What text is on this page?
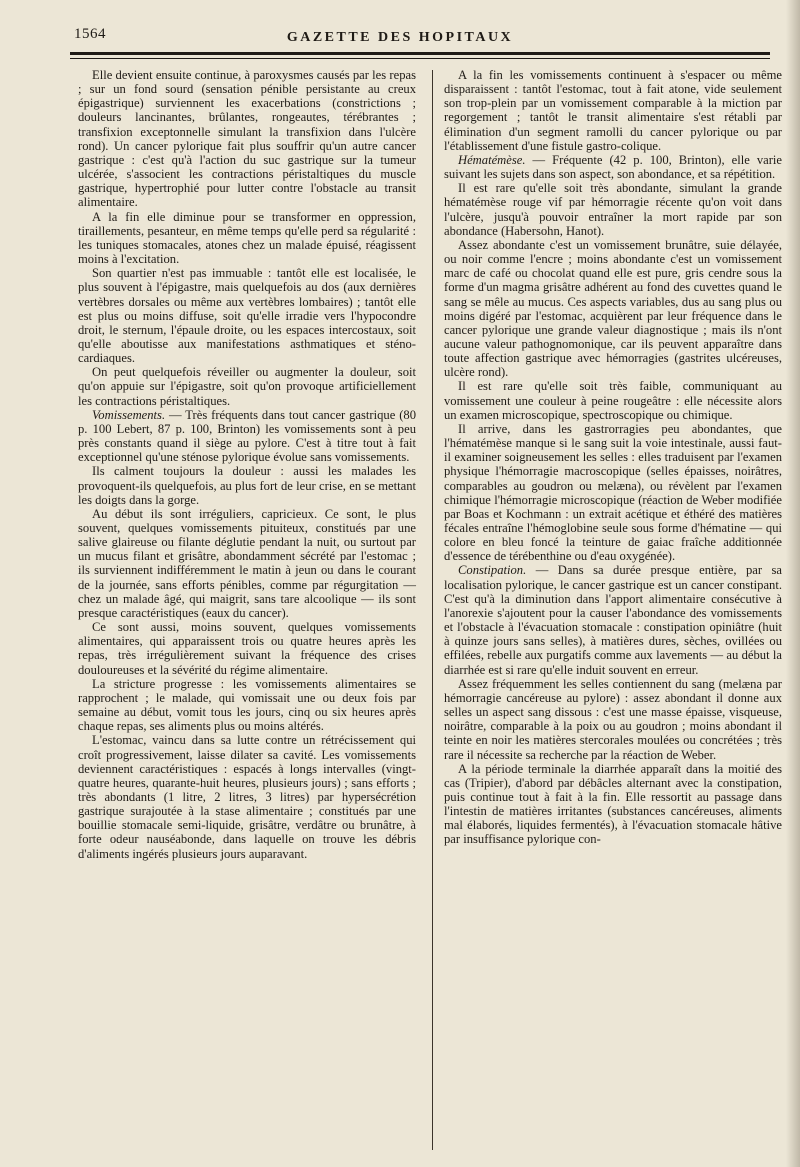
1564	GAZETTE DES HOPITAUX

Elle devient ensuite continue, à paroxysmes causés par les repas ; sur un fond sourd (sensation pénible persistante au creux épigastrique) surviennent les exacerbations (constrictions ; douleurs lancinantes, brûlantes, rongeautes, térébrantes ; transfixion exceptonnelle simulant la transfixion dans l'ulcère rond). Un cancer pylorique fait plus souffrir qu'un autre cancer gastrique : c'est qu'à l'action du suc gastrique sur la tumeur ulcérée, s'associent les contractions péristaltiques du muscle gastrique, hypertrophié pour lutter contre l'obstacle au transit alimentaire.

A la fin elle diminue pour se transformer en oppression, tiraillements, pesanteur, en même temps qu'elle perd sa régularité : les tuniques stomacales, atones chez un malade épuisé, réagissent moins à l'excitation.

Son quartier n'est pas immuable : tantôt elle est localisée, le plus souvent à l'épigastre, mais quelquefois au dos (aux dernières vertèbres dorsales ou même aux vertèbres lombaires) ; tantôt elle est plus ou moins diffuse, soit qu'elle irradie vers l'hypocondre droit, le sternum, l'épaule droite, ou les espaces intercostaux, soit qu'elle aboutisse aux manifestations asthmatiques et sténo-cardiaques.

On peut quelquefois réveiller ou augmenter la douleur, soit qu'on appuie sur l'épigastre, soit qu'on provoque artificiellement les contractions péristaltiques.

Vomissements. — Très fréquents dans tout cancer gastrique (80 p. 100 Lebert, 87 p. 100, Brinton) les vomissements sont à peu près constants quand il siège au pylore. C'est à titre tout à fait exceptionnel qu'une sténose pylorique évolue sans vomissements.

Ils calment toujours la douleur : aussi les malades les provoquent-ils quelquefois, au plus fort de leur crise, en se mettant les doigts dans la gorge.

Au début ils sont irréguliers, capricieux. Ce sont, le plus souvent, quelques vomissements pituiteux, constitués par une salive glaireuse ou filante déglutie pendant la nuit, ou surtout par un mucus filant et grisâtre, abondamment sécrété par l'estomac ; ils surviennent indifféremment le matin à jeun ou dans le courant de la journée, sans efforts pénibles, comme par régurgitation — chez un malade âgé, qui maigrit, sans tare alcoolique — ils sont presque caractéristiques (eaux du cancer).

Ce sont aussi, moins souvent, quelques vomissements alimentaires, qui apparaissent trois ou quatre heures après les repas, très irrégulièrement suivant la fréquence des crises douloureuses et la sévérité du régime alimentaire.

La stricture progresse : les vomissements alimentaires se rapprochent ; le malade, qui vomissait une ou deux fois par semaine au début, vomit tous les jours, cinq ou six heures après chaque repas, ses aliments plus ou moins altérés.

L'estomac, vaincu dans sa lutte contre un rétrécissement qui croît progressivement, laisse dilater sa cavité. Les vomissements deviennent caractéristiques : espacés à longs intervalles (vingt-quatre heures, quarante-huit heures, plusieurs jours) ; sans efforts ; très abondants (1 litre, 2 litres, 3 litres) par hypersécrétion gastrique surajoutée à la stase alimentaire ; constitués par une bouillie stomacale semi-liquide, grisâtre, verdâtre ou brunâtre, à forte odeur nauséabonde, dans laquelle on trouve les débris d'aliments ingérés plusieurs jours auparavant.

A la fin les vomissements continuent à s'espacer ou même disparaissent : tantôt l'estomac, tout à fait atone, vide seulement son trop-plein par un vomissement comparable à la miction par regorgement ; tantôt le transit alimentaire s'est rétabli par élimination d'un segment ramolli du cancer pylorique ou par l'établissement d'une fistule gastro-colique.

Hématémèse. — Fréquente (42 p. 100, Brinton), elle varie suivant les sujets dans son aspect, son abondance, et sa répétition.

Il est rare qu'elle soit très abondante, simulant la grande hématémèse rouge vif par hémorragie récente qu'on voit dans l'ulcère, jusqu'à pouvoir entraîner la mort rapide par son abondance (Habersohn, Hanot).

Assez abondante c'est un vomissement brunâtre, suie délayée, ou noir comme l'encre ; moins abondante c'est un vomissement marc de café ou chocolat quand elle est pure, gris cendre sous la forme d'un magma grisâtre adhérent au fond des cuvettes quand le sang se mêle au mucus. Ces aspects variables, dus au sang plus ou moins digéré par l'estomac, acquièrent par leur fréquence dans le cancer pylorique une grande valeur diagnostique ; mais ils n'ont aucune valeur pathognomonique, car ils peuvent apparaître dans toute affection gastrique avec hémorragies (gastrites ulcéreuses, ulcère rond).

Il est rare qu'elle soit très faible, communiquant au vomissement une couleur à peine rougeâtre : elle nécessite alors un examen microscopique, spectroscopique ou chimique.

Il arrive, dans les gastrorragies peu abondantes, que l'hématémèse manque si le sang suit la voie intestinale, aussi faut-il examiner soigneusement les selles : elles traduisent par l'examen physique l'hémorragie macroscopique (selles épaisses, noirâtres, comparables au goudron ou melæna), ou révèlent par l'examen chimique l'hémorragie microscopique (réaction de Weber modifiée par Boas et Kochmann : un extrait acétique et éthéré des matières fécales entraîne l'hémoglobine seule sous forme d'hématine — qui colore en bleu foncé la teinture de gaiac fraîche additionnée d'essence de térébenthine ou d'eau oxygénée).

Constipation. — Dans sa durée presque entière, par sa localisation pylorique, le cancer gastrique est un cancer constipant. C'est qu'à la diminution dans l'apport alimentaire consécutive à l'anorexie s'ajoutent pour la causer l'abondance des vomissements et l'obstacle à l'évacuation stomacale : constipation opiniâtre (huit à quinze jours sans selles), à matières dures, sèches, ovillées ou effilées, rebelle aux purgatifs comme aux lavements — au début la diarrhée est si rare qu'elle induit souvent en erreur.

Assez fréquemment les selles contiennent du sang (melæna par hémorragie cancéreuse au pylore) : assez abondant il donne aux selles un aspect sang dissous : c'est une masse épaisse, visqueuse, noirâtre, comparable à la poix ou au goudron ; moins abondant il teinte en noir les matières stercorales moulées ou concrétées ; très rare il nécessite sa recherche par la réaction de Weber.

A la période terminale la diarrhée apparaît dans la moitié des cas (Tripier), d'abord par débâcles alternant avec la constipation, puis continue tout à fait à la fin. Elle ressortit au passage dans l'intestin de matières irritantes (substances cancéreuses, aliments mal élaborés, liquides fermentés), à l'évacuation stomacale hâtive par insuffisance pylorique con-
